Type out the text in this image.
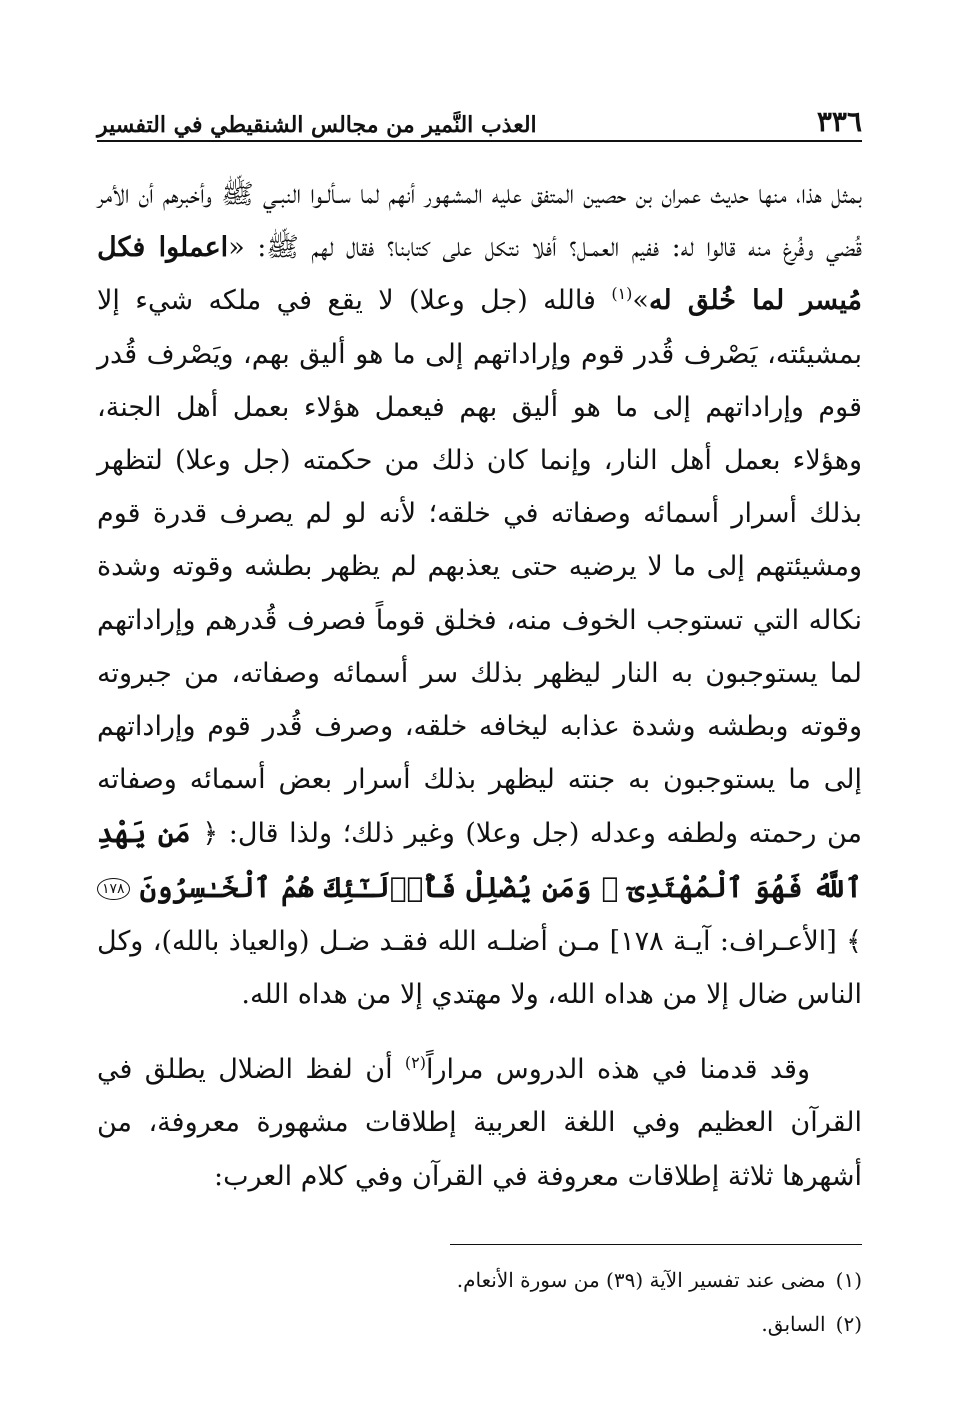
٣٣٦
العذب النَّمير من مجالس الشنقيطي في التفسير

بمثل هذا، منها حديث عمران بن حصين المتفق عليه المشهور أنهم لما سـألـوا النبـي ﷺ وأخبرهم أن الأمر قُضي وفُرغ منه قالوا له: ففيم العمـل؟ أفلا نتكل على كتابنا؟ فقال لهم ﷺ: «اعملوا فكل مُيسر لما خُلق له»$^{(١)}$ فالله (جل وعلا) لا يقع في ملكه شيء إلا بمشيئته، يَصْرف قُدر قوم وإراداتهم إلى ما هو أليق بهم، ويَصْرف قُدر قوم وإراداتهم إلى ما هو أليق بهم فيعمل هؤلاء بعمل أهل الجنة، وهؤلاء بعمل أهل النار، وإنما كان ذلك من حكمته (جل وعلا) لتظهر بذلك أسرار أسمائه وصفاته في خلقه؛ لأنه لو لم يصرف قدرة قوم ومشيئتهم إلى ما لا يرضيه حتى يعذبهم لم يظهر بطشه وقوته وشدة نكاله التي تستوجب الخوف منه، فخلق قوماً فصرف قُدرهم وإراداتهم لما يستوجبون به النار ليظهر بذلك سر أسمائه وصفاته، من جبروته وقوته وبطشه وشدة عذابه ليخافه خلقه، وصرف قُدر قوم وإراداتهم إلى ما يستوجبون به جنته ليظهر بذلك أسرار بعض أسمائه وصفاته من رحمته ولطفه وعدله (جل وعلا) وغير ذلك؛ ولذا قال: ﴿ مَن يَهْدِ ٱللَّهُ فَهُوَ ٱلْمُهْتَدِىٓ ۖ وَمَن يُضْلِلْ فَأُو۟لَـٰٓئِكَ هُمُ ٱلْخَـٰسِرُونَ ١٧٨ ﴾ [الأعـراف: آيـة ١٧٨] مـن أضلـه الله فقـد ضـل (والعياذ بالله)، وكل الناس ضال إلا من هداه الله، ولا مهتدي إلا من هداه الله.

وقد قدمنا في هذه الدروس مراراً$^{(٢)}$ أن لفظ الضلال يطلق في القرآن العظيم وفي اللغة العربية إطلاقات مشهورة معروفة، من أشهرها ثلاثة إطلاقات معروفة في القرآن وفي كلام العرب:

(١)مضى عند تفسير الآية (٣٩) من سورة الأنعام.

(٢)السابق.
